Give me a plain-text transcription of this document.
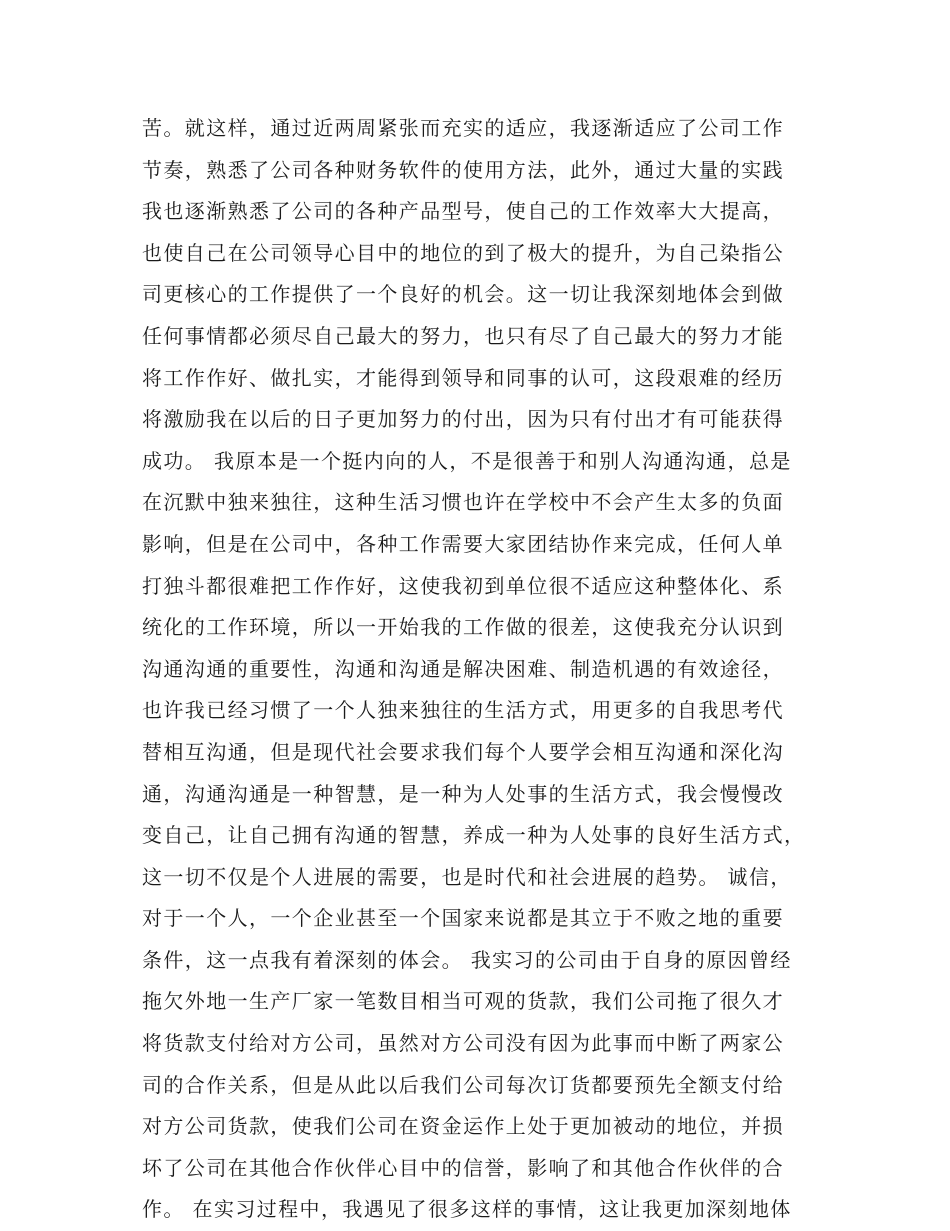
苦。就这样，通过近两周紧张而充实的适应，我逐渐适应了公司工作
节奏，熟悉了公司各种财务软件的使用方法，此外，通过大量的实践
我也逐渐熟悉了公司的各种产品型号，使自己的工作效率大大提高，
也使自己在公司领导心目中的地位的到了极大的提升，为自己染指公
司更核心的工作提供了一个良好的机会。这一切让我深刻地体会到做
任何事情都必须尽自己最大的努力，也只有尽了自己最大的努力才能
将工作作好、做扎实，才能得到领导和同事的认可，这段艰难的经历
将激励我在以后的日子更加努力的付出，因为只有付出才有可能获得
成功。 我原本是一个挺内向的人，不是很善于和别人沟通沟通，总是
在沉默中独来独往，这种生活习惯也许在学校中不会产生太多的负面
影响，但是在公司中，各种工作需要大家团结协作来完成，任何人单
打独斗都很难把工作作好，这使我初到单位很不适应这种整体化、系
统化的工作环境，所以一开始我的工作做的很差，这使我充分认识到
沟通沟通的重要性，沟通和沟通是解决困难、制造机遇的有效途径，
也许我已经习惯了一个人独来独往的生活方式，用更多的自我思考代
替相互沟通，但是现代社会要求我们每个人要学会相互沟通和深化沟
通，沟通沟通是一种智慧，是一种为人处事的生活方式，我会慢慢改
变自己，让自己拥有沟通的智慧，养成一种为人处事的良好生活方式，
这一切不仅是个人进展的需要，也是时代和社会进展的趋势。 诚信，
对于一个人，一个企业甚至一个国家来说都是其立于不败之地的重要
条件，这一点我有着深刻的体会。 我实习的公司由于自身的原因曾经
拖欠外地一生产厂家一笔数目相当可观的货款，我们公司拖了很久才
将货款支付给对方公司，虽然对方公司没有因为此事而中断了两家公
司的合作关系，但是从此以后我们公司每次订货都要预先全额支付给
对方公司货款，使我们公司在资金运作上处于更加被动的地位，并损
坏了公司在其他合作伙伴心目中的信誉，影响了和其他合作伙伴的合
作。 在实习过程中，我遇见了很多这样的事情，这让我更加深刻地体
